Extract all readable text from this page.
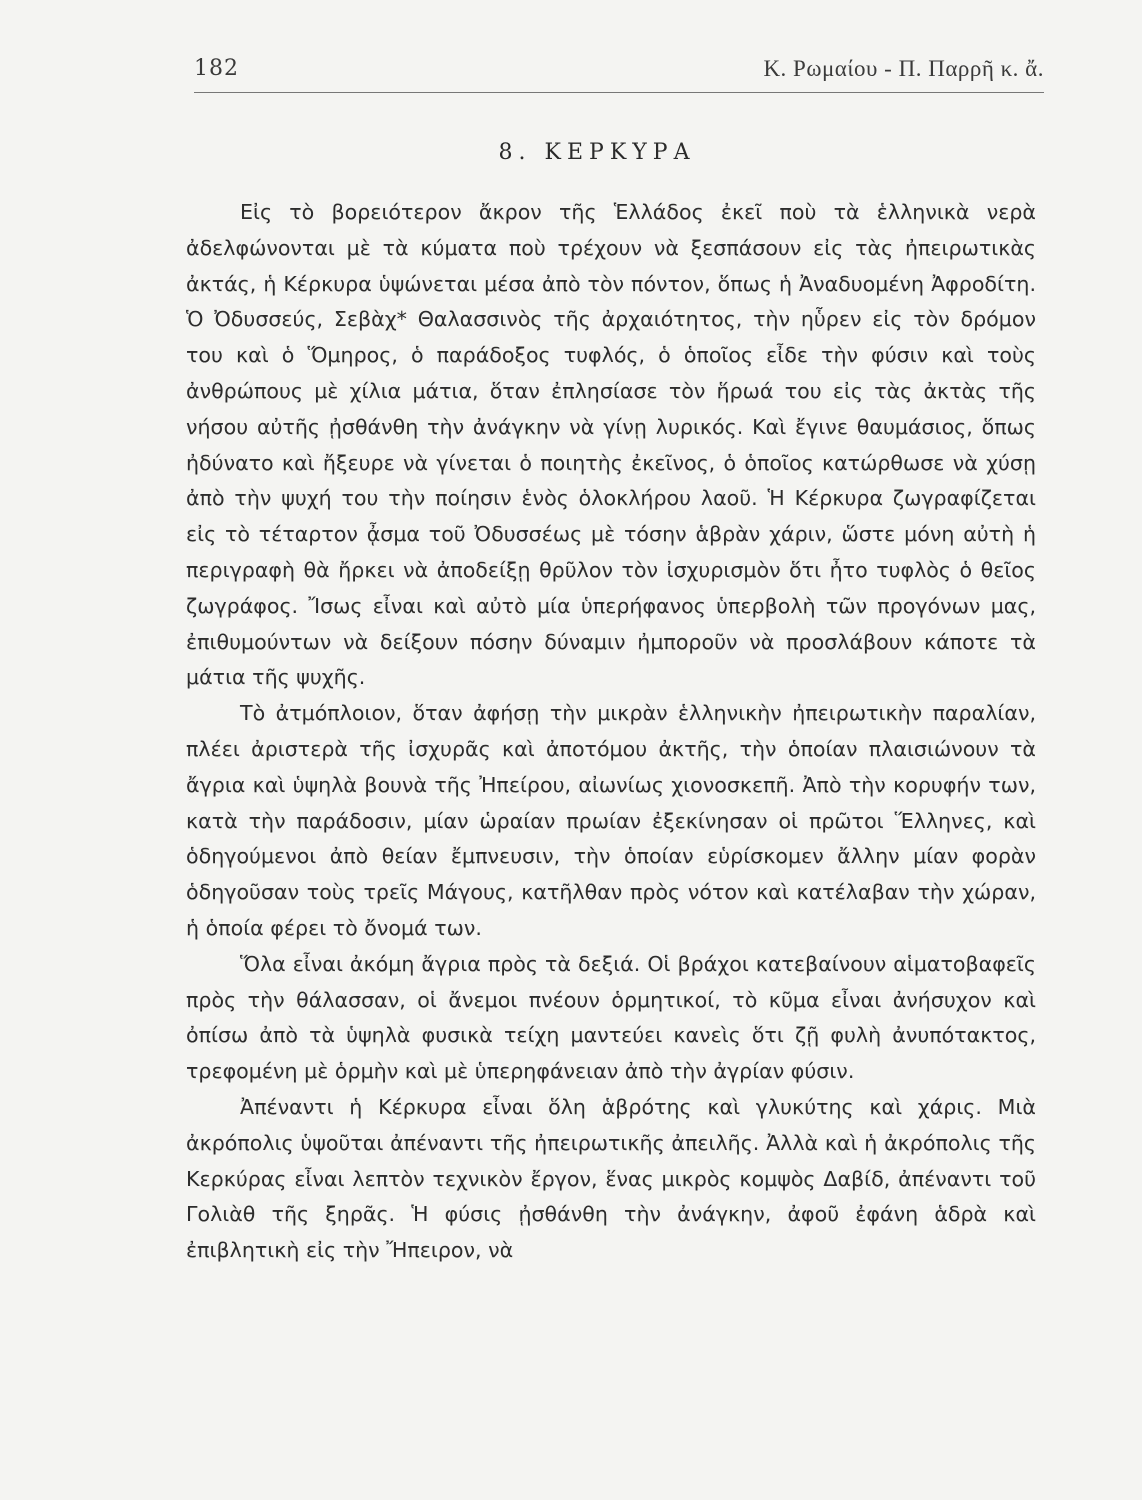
182	Κ. Ρωμαίου - Π. Παρρῆ κ. ἄ.
8. ΚΕΡΚΥΡΑ

Εἰς τὸ βορειότερον ἄκρον τῆς Ἑλλάδος ἐκεῖ ποὺ τὰ ἑλληνικὰ νερὰ ἀδελφώνονται μὲ τὰ κύματα ποὺ τρέχουν νὰ ξεσπάσουν εἰς τὰς ἠπειρωτικὰς ἀκτάς, ἡ Κέρκυρα ὑψώνεται μέσα ἀπὸ τὸν πόντον, ὅπως ἡ Ἀναδυομένη Ἀφροδίτη. Ὁ Ὀδυσσεύς, Σεβὰχ* Θαλασσινὸς τῆς ἀρχαιότητος, τὴν ηὗρεν εἰς τὸν δρόμον του καὶ ὁ Ὅμηρος, ὁ παράδοξος τυφλός, ὁ ὁποῖος εἶδε τὴν φύσιν καὶ τοὺς ἀνθρώπους μὲ χίλια μάτια, ὅταν ἐπλησίασε τὸν ἥρωά του εἰς τὰς ἀκτὰς τῆς νήσου αὐτῆς ᾐσθάνθη τὴν ἀνάγκην νὰ γίνῃ λυρικός. Καὶ ἔγινε θαυμάσιος, ὅπως ἠδύνατο καὶ ἤξευρε νὰ γίνεται ὁ ποιητὴς ἐκεῖνος, ὁ ὁποῖος κατώρθωσε νὰ χύσῃ ἀπὸ τὴν ψυχή του τὴν ποίησιν ἑνὸς ὁλοκλήρου λαοῦ. Ἡ Κέρκυρα ζωγραφίζεται εἰς τὸ τέταρτον ᾆσμα τοῦ Ὀδυσσέως μὲ τόσην ἁβρὰν χάριν, ὥστε μόνη αὐτὴ ἡ περιγραφὴ θὰ ἤρκει νὰ ἀποδείξῃ θρῦλον τὸν ἰσχυρισμὸν ὅτι ἦτο τυφλὸς ὁ θεῖος ζωγράφος. Ἴσως εἶναι καὶ αὐτὸ μία ὑπερήφανος ὑπερβολὴ τῶν προγόνων μας, ἐπιθυμούντων νὰ δείξουν πόσην δύναμιν ἠμποροῦν νὰ προσλάβουν κάποτε τὰ μάτια τῆς ψυχῆς.

Τὸ ἀτμόπλοιον, ὅταν ἀφήσῃ τὴν μικρὰν ἑλληνικὴν ἠπειρωτικὴν παραλίαν, πλέει ἀριστερὰ τῆς ἰσχυρᾶς καὶ ἀποτόμου ἀκτῆς, τὴν ὁποίαν πλαισιώνουν τὰ ἄγρια καὶ ὑψηλὰ βουνὰ τῆς Ἠπείρου, αἰωνίως χιονοσκεπῆ. Ἀπὸ τὴν κορυφήν των, κατὰ τὴν παράδοσιν, μίαν ὡραίαν πρωίαν ἐξεκίνησαν οἱ πρῶτοι Ἕλληνες, καὶ ὁδηγούμενοι ἀπὸ θείαν ἔμπνευσιν, τὴν ὁποίαν εὑρίσκομεν ἄλλην μίαν φορὰν ὁδηγοῦσαν τοὺς τρεῖς Μάγους, κατῆλθαν πρὸς νότον καὶ κατέλαβαν τὴν χώραν, ἡ ὁποία φέρει τὸ ὄνομά των.

Ὅλα εἶναι ἀκόμη ἄγρια πρὸς τὰ δεξιά. Οἱ βράχοι κατεβαίνουν αἱματοβαφεῖς πρὸς τὴν θάλασσαν, οἱ ἄνεμοι πνέουν ὁρμητικοί, τὸ κῦμα εἶναι ἀνήσυχον καὶ ὀπίσω ἀπὸ τὰ ὑψηλὰ φυσικὰ τείχη μαντεύει κανεὶς ὅτι ζῇ φυλὴ ἀνυπότακτος, τρεφομένη μὲ ὁρμὴν καὶ μὲ ὑπερηφάνειαν ἀπὸ τὴν ἀγρίαν φύσιν.

Ἀπέναντι ἡ Κέρκυρα εἶναι ὅλη ἁβρότης καὶ γλυκύτης καὶ χάρις. Μιὰ ἀκρόπολις ὑψοῦται ἀπέναντι τῆς ἠπειρωτικῆς ἀπειλῆς. Ἀλλὰ καὶ ἡ ἀκρόπολις τῆς Κερκύρας εἶναι λεπτὸν τεχνικὸν ἔργον, ἕνας μικρὸς κομψὸς Δαβίδ, ἀπέναντι τοῦ Γολιὰθ τῆς ξηρᾶς. Ἡ φύσις ᾐσθάνθη τὴν ἀνάγκην, ἀφοῦ ἐφάνη ἁδρὰ καὶ ἐπιβλητικὴ εἰς τὴν Ἤπειρον, νὰ
